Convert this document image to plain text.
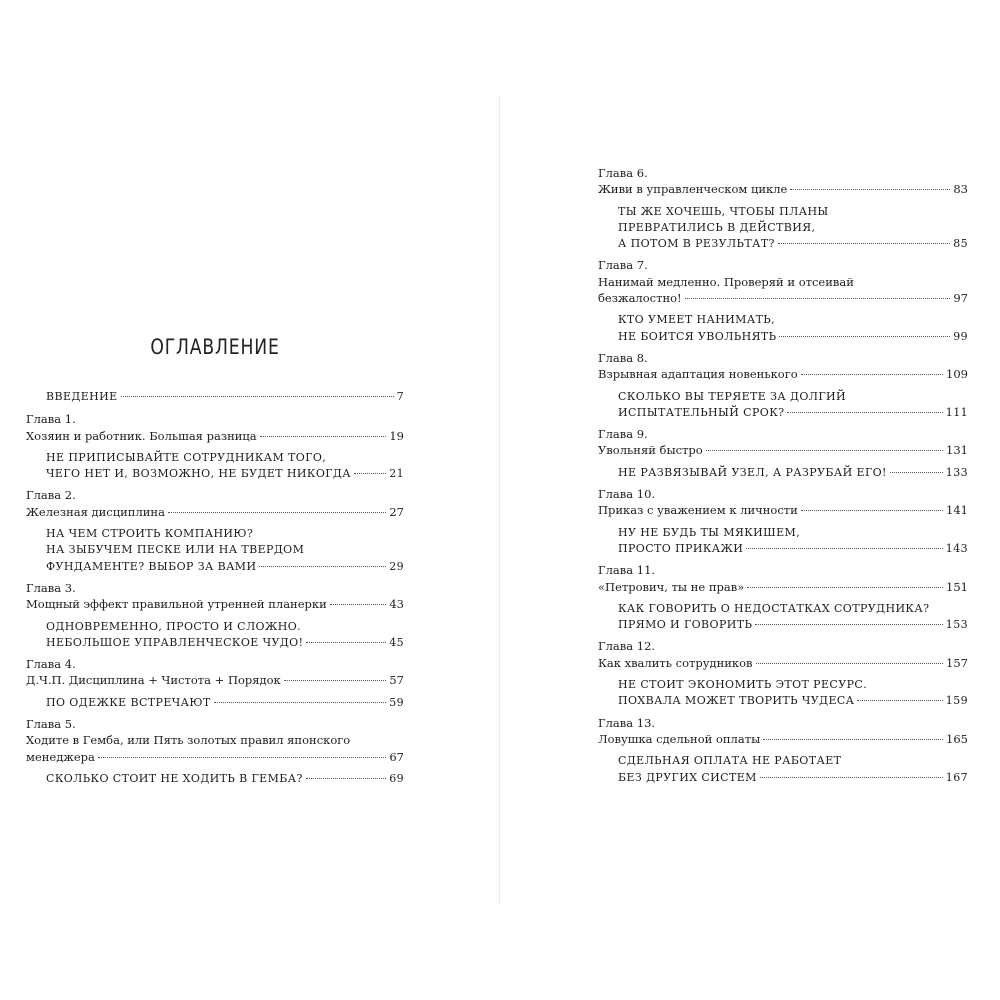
ОГЛАВЛЕНИЕ
ВВЕДЕНИЕ	7
Глава 1.
Хозяин и работник. Большая разница	19
НЕ ПРИПИСЫВАЙТЕ СОТРУДНИКАМ ТОГО,
ЧЕГО НЕТ И, ВОЗМОЖНО, НЕ БУДЕТ НИКОГДА	21
Глава 2.
Железная дисциплина	27
НА ЧЕМ СТРОИТЬ КОМПАНИЮ?
НА ЗЫБУЧЕМ ПЕСКЕ ИЛИ НА ТВЕРДОМ
ФУНДАМЕНТЕ? ВЫБОР ЗА ВАМИ	29
Глава 3.
Мощный эффект правильной утренней планерки	43
ОДНОВРЕМЕННО, ПРОСТО И СЛОЖНО.
НЕБОЛЬШОЕ УПРАВЛЕНЧЕСКОЕ ЧУДО!	45
Глава 4.
Д.Ч.П. Дисциплина + Чистота + Порядок	57
ПО ОДЕЖКЕ ВСТРЕЧАЮТ	59
Глава 5.
Ходите в Гемба, или Пять золотых правил японского
менеджера	67
СКОЛЬКО СТОИТ НЕ ХОДИТЬ В ГЕМБА?	69
Глава 6.
Живи в управленческом цикле	83
ТЫ ЖЕ ХОЧЕШЬ, ЧТОБЫ ПЛАНЫ
ПРЕВРАТИЛИСЬ В ДЕЙСТВИЯ,
А ПОТОМ В РЕЗУЛЬТАТ?	85
Глава 7.
Нанимай медленно. Проверяй и отсеивай
безжалостно!	97
КТО УМЕЕТ НАНИМАТЬ,
НЕ БОИТСЯ УВОЛЬНЯТЬ	99
Глава 8.
Взрывная адаптация новенького	109
СКОЛЬКО ВЫ ТЕРЯЕТЕ ЗА ДОЛГИЙ
ИСПЫТАТЕЛЬНЫЙ СРОК?	111
Глава 9.
Увольняй быстро	131
НЕ РАЗВЯЗЫВАЙ УЗЕЛ, А РАЗРУБАЙ ЕГО!	133
Глава 10.
Приказ с уважением к личности	141
НУ НЕ БУДЬ ТЫ МЯКИШЕМ,
ПРОСТО ПРИКАЖИ	143
Глава 11.
«Петрович, ты не прав»	151
КАК ГОВОРИТЬ О НЕДОСТАТКАХ СОТРУДНИКА?
ПРЯМО И ГОВОРИТЬ	153
Глава 12.
Как хвалить сотрудников	157
НЕ СТОИТ ЭКОНОМИТЬ ЭТОТ РЕСУРС.
ПОХВАЛА МОЖЕТ ТВОРИТЬ ЧУДЕСА	159
Глава 13.
Ловушка сдельной оплаты	165
СДЕЛЬНАЯ ОПЛАТА НЕ РАБОТАЕТ
БЕЗ ДРУГИХ СИСТЕМ	167
